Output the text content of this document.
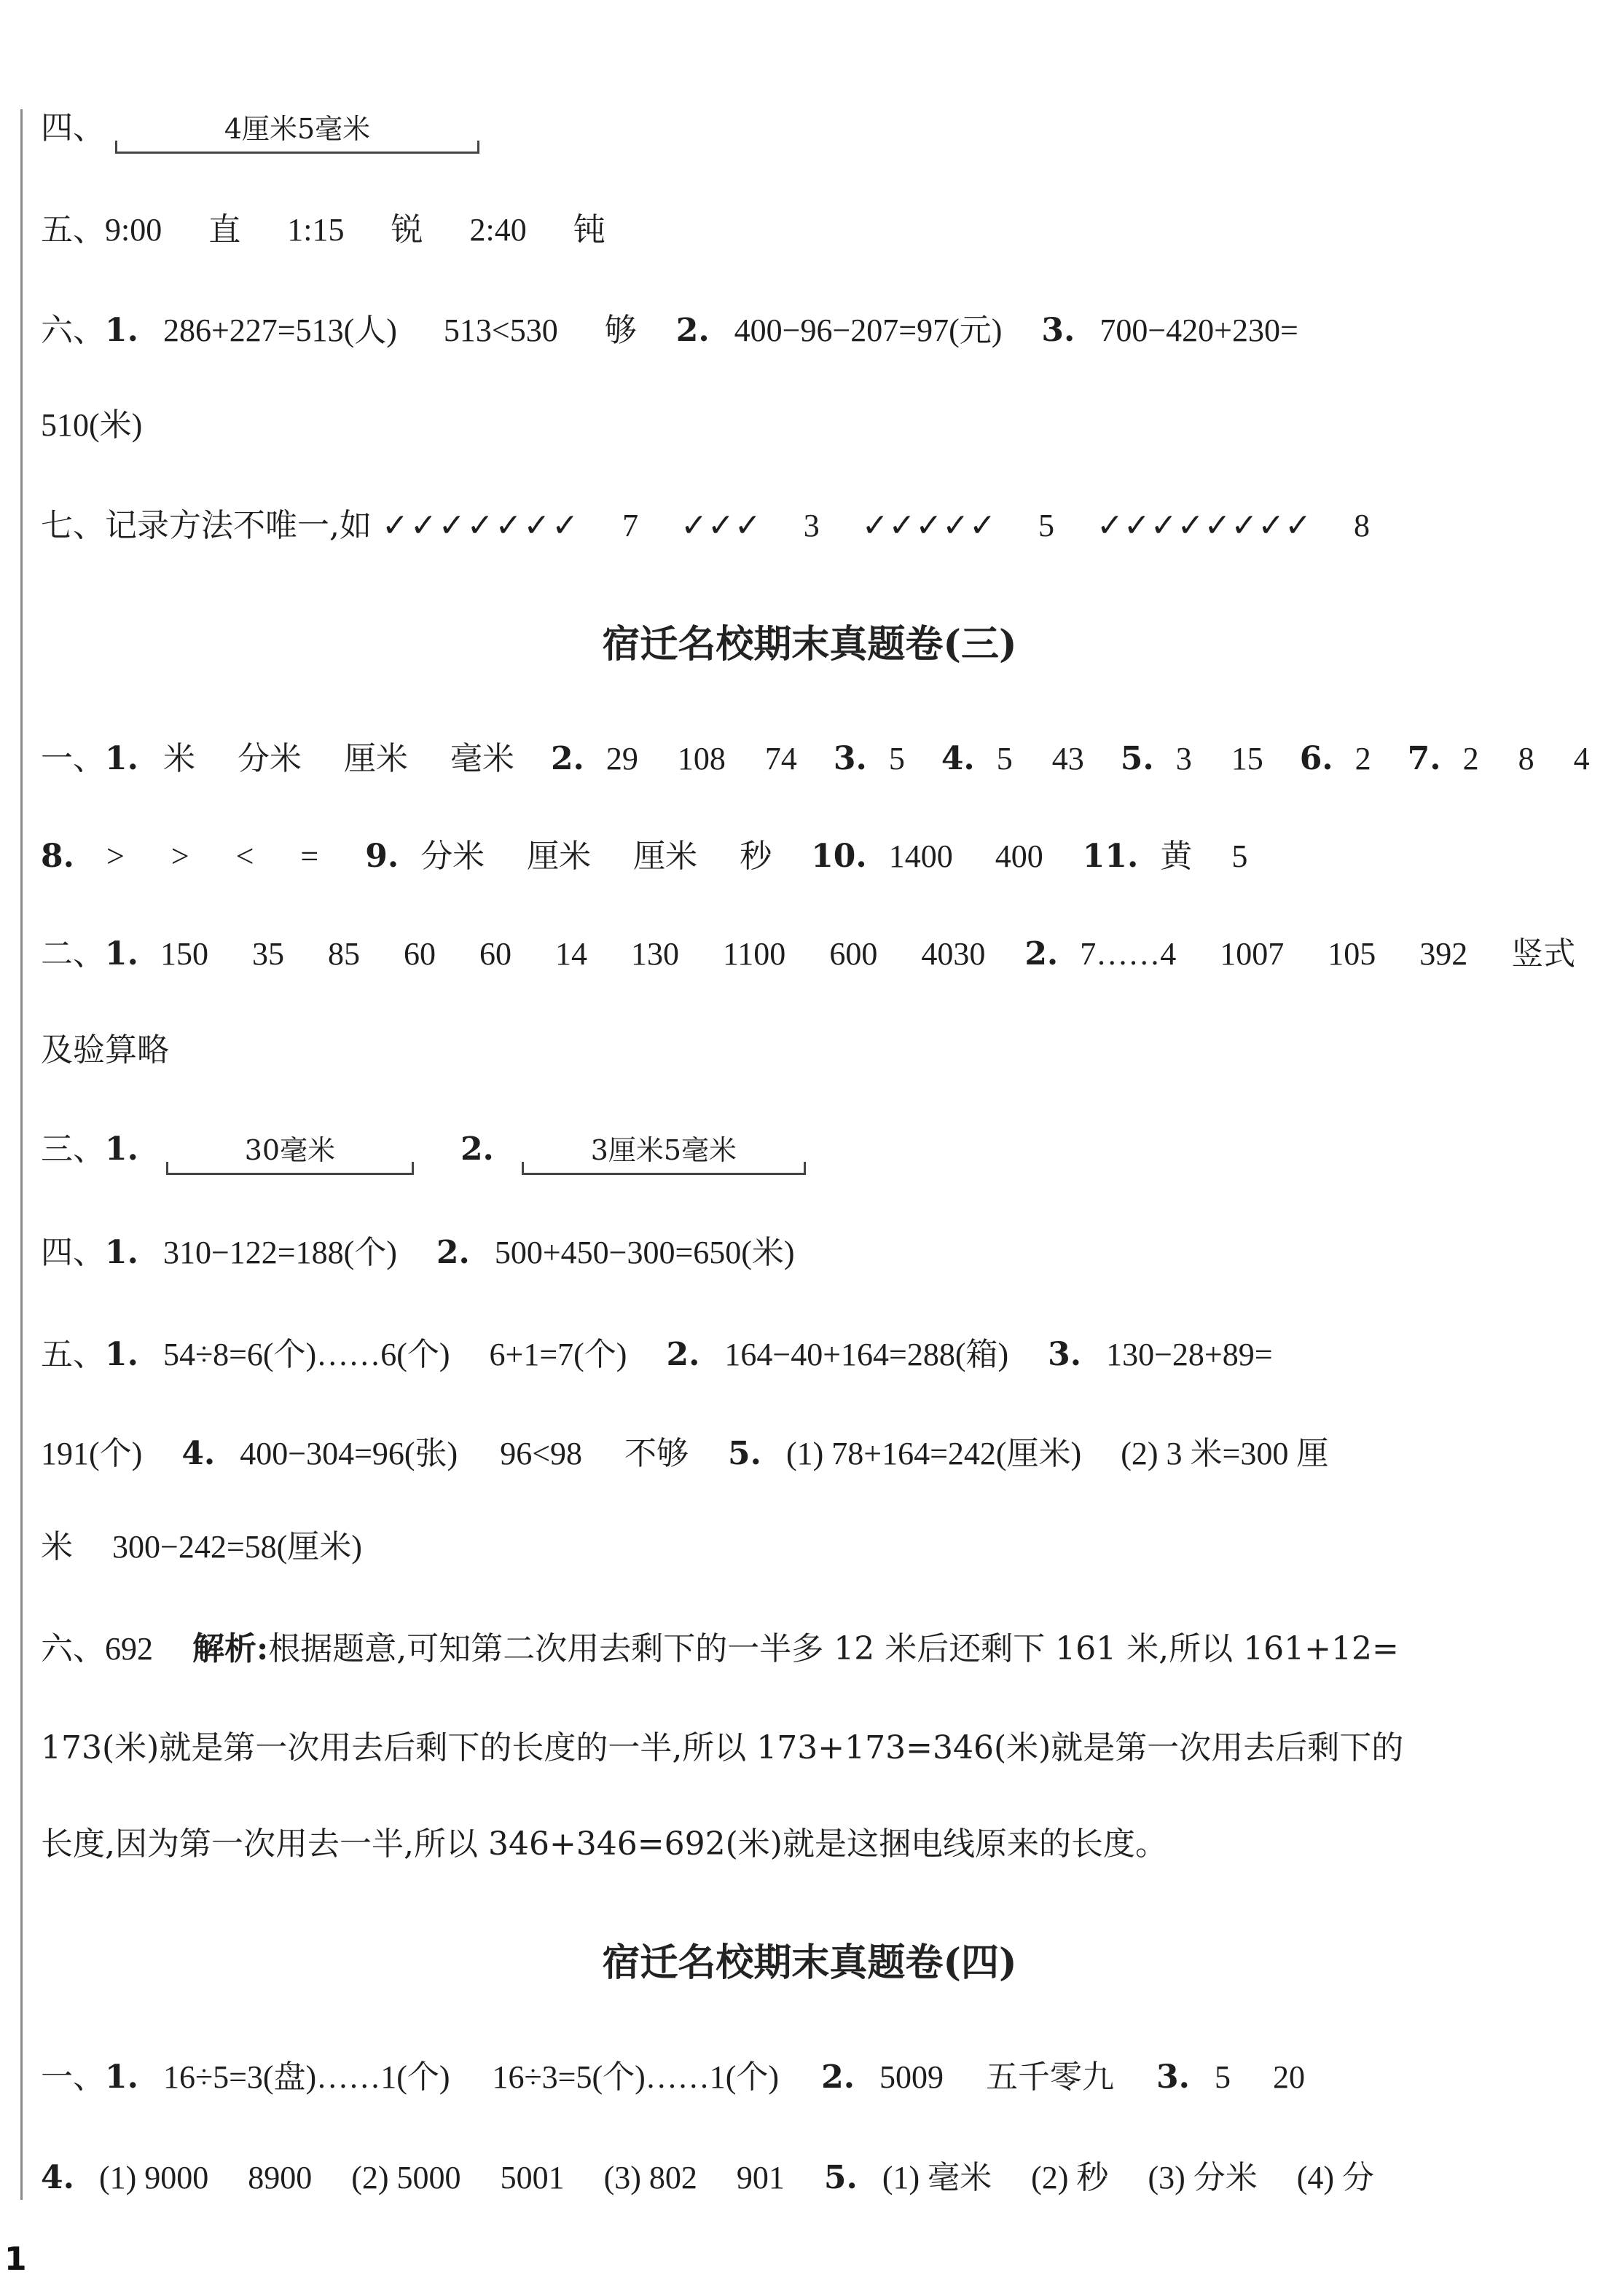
四、	4厘米5毫米
五、9:00 直 1:15 锐 2:40 钝
六、1. 286+227=513(人) 513<530 够 2. 400−96−207=97(元) 3. 700−420+230=
510(米)
七、记录方法不唯一,如 ✓✓✓✓✓✓✓ 7 ✓✓✓ 3 ✓✓✓✓✓ 5 ✓✓✓✓✓✓✓✓ 8
宿迁名校期末真题卷(三)
一、1. 米 分米 厘米 毫米 2. 29 108 74 3. 5 4. 5 43 5. 3 15 6. 2 7. 2 8 4
8. > > < = 9. 分米 厘米 厘米 秒 10. 1400 400 11. 黄 5
二、1. 150 35 85 60 60 14 130 1100 600 4030 2. 7……4 1007 105 392 竖式
及验算略
三、1.	30毫米	2.	3厘米5毫米
四、1. 310−122=188(个) 2. 500+450−300=650(米)
五、1. 54÷8=6(个)……6(个) 6+1=7(个) 2. 164−40+164=288(箱) 3. 130−28+89=
191(个) 4. 400−304=96(张) 96<98 不够 5. (1) 78+164=242(厘米) (2) 3 米=300 厘
米 300−242=58(厘米)
六、692 解析:根据题意,可知第二次用去剩下的一半多 12 米后还剩下 161 米,所以 161+12=
173(米)就是第一次用去后剩下的长度的一半,所以 173+173=346(米)就是第一次用去后剩下的
长度,因为第一次用去一半,所以 346+346=692(米)就是这捆电线原来的长度。
宿迁名校期末真题卷(四)
一、1. 16÷5=3(盘)……1(个) 16÷3=5(个)……1(个) 2. 5009 五千零九 3. 5 20
4. (1) 9000 8900 (2) 5000 5001 (3) 802 901 5. (1) 毫米 (2) 秒 (3) 分米 (4) 分
1
